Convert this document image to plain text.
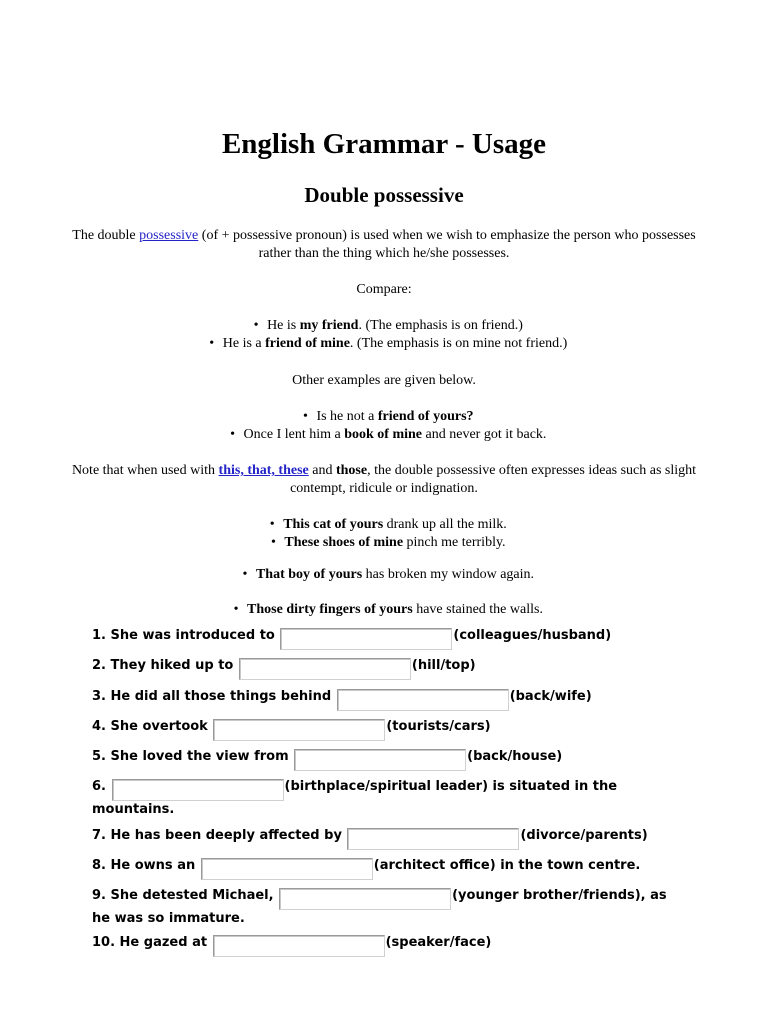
English Grammar - Usage
Double possessive
The double possessive (of + possessive pronoun) is used when we wish to emphasize the person who possesses
rather than the thing which he/she possesses.
Compare:
• He is my friend. (The emphasis is on friend.)
• He is a friend of mine. (The emphasis is on mine not friend.)
Other examples are given below.
• Is he not a friend of yours?
• Once I lent him a book of mine and never got it back.
Note that when used with this, that, these and those, the double possessive often expresses ideas such as slight
contempt, ridicule or indignation.
• This cat of yours drank up all the milk.
• These shoes of mine pinch me terribly.
• That boy of yours has broken my window again.
• Those dirty fingers of yours have stained the walls.
1. She was introduced to	(colleagues/husband)
2. They hiked up to	(hill/top)
3. He did all those things behind	(back/wife)
4. She overtook	(tourists/cars)
5. She loved the view from	(back/house)
6.	(birthplace/spiritual leader) is situated in the mountains.
7. He has been deeply affected by	(divorce/parents)
8. He owns an	(architect office) in the town centre.
9. She detested Michael,	(younger brother/friends), as he was so immature.
10. He gazed at	(speaker/face)
